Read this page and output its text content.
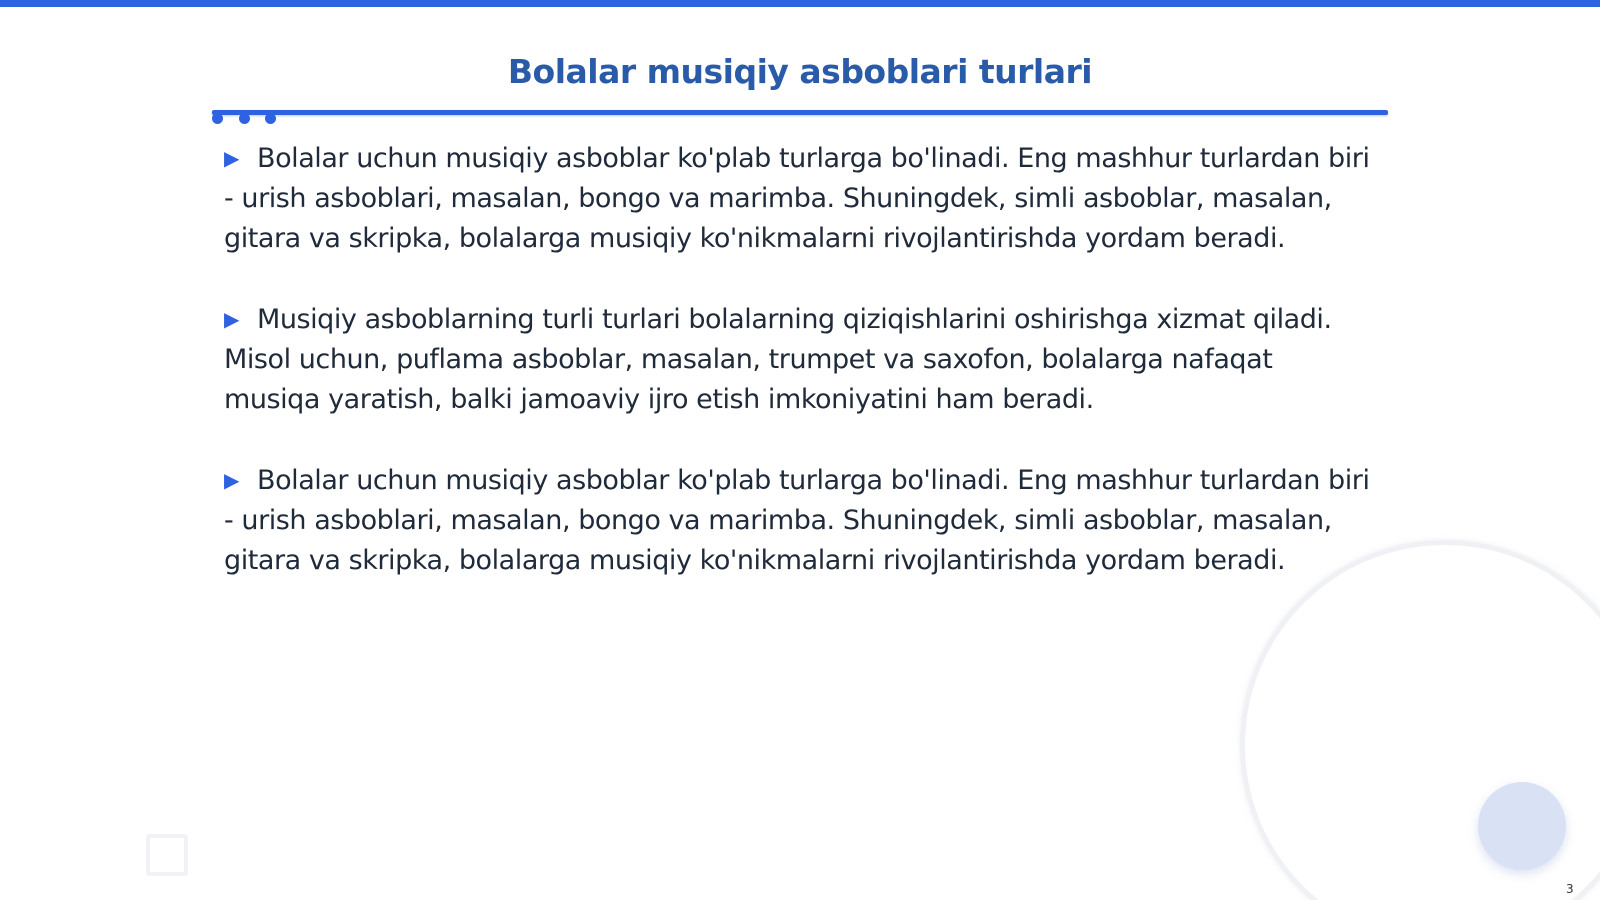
Bolalar musiqiy asboblari turlari

▶ Bolalar uchun musiqiy asboblar ko'plab turlarga bo'linadi. Eng mashhur turlardan biri - urish asboblari, masalan, bongo va marimba. Shuningdek, simli asboblar, masalan, gitara va skripka, bolalarga musiqiy ko'nikmalarni rivojlantirishda yordam beradi.

▶ Musiqiy asboblarning turli turlari bolalarning qiziqishlarini oshirishga xizmat qiladi. Misol uchun, puflama asboblar, masalan, trumpet va saxofon, bolalarga nafaqat musiqa yaratish, balki jamoaviy ijro etish imkoniyatini ham beradi.

▶ Bolalar uchun musiqiy asboblar ko'plab turlarga bo'linadi. Eng mashhur turlardan biri - urish asboblari, masalan, bongo va marimba. Shuningdek, simli asboblar, masalan, gitara va skripka, bolalarga musiqiy ko'nikmalarni rivojlantirishda yordam beradi.

3
